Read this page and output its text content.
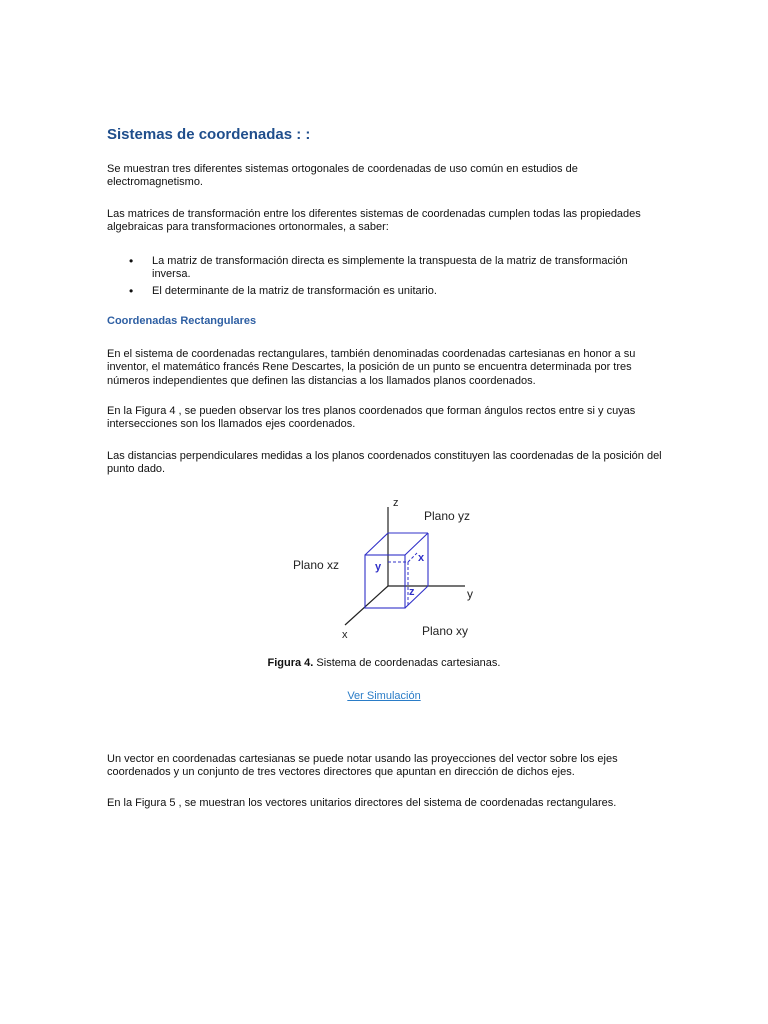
Sistemas de coordenadas : :

Se muestran tres diferentes sistemas ortogonales de coordenadas de uso común en estudios de electromagnetismo.

Las matrices de transformación entre los diferentes sistemas de coordenadas cumplen todas las propiedades algebraicas para transformaciones ortonormales, a saber:

• La matriz de transformación directa es simplemente la transpuesta de la matriz de transformación inversa.
• El determinante de la matriz de transformación es unitario.
Coordenadas Rectangulares

En el sistema de coordenadas rectangulares, también denominadas coordenadas cartesianas en honor a su inventor, el matemático francés Rene Descartes, la posición de un punto se encuentra determinada por tres números independientes que definen las distancias a los llamados planos coordenados.

En la Figura 4 , se pueden observar los tres planos coordenados que forman ángulos rectos entre si y cuyas intersecciones son los llamados ejes coordenados.

Las distancias perpendiculares medidas a los planos coordenados constituyen las coordenadas de la posición del punto dado.

z
y
x
Plano yz
Plano xz
Plano xy
x
y
z
Figura 4. Sistema de coordenadas cartesianas.
Ver Simulación

Un vector en coordenadas cartesianas se puede notar usando las proyecciones del vector sobre los ejes coordenados y un conjunto de tres vectores directores que apuntan en dirección de dichos ejes.

En la Figura 5 , se muestran los vectores unitarios directores del sistema de coordenadas rectangulares.
